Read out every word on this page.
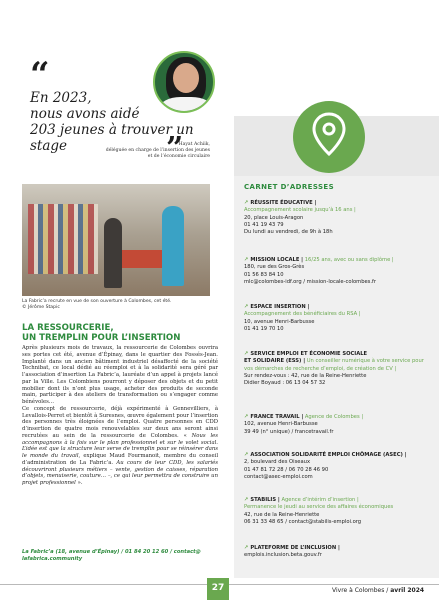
“
En 2023,
nous avons aidé
203 jeunes à trouver un stage	Hayat Achiik,
déléguée en charge de l’insertion des jeunes
et de l’économie circulaire
”
La Fabric’a recrute en vue de son ouverture à Colombes, cet été.
© Jérôme Stapic
LA RESSOURCERIE,
UN TREMPLIN POUR L’INSERTION

Après plusieurs mois de travaux, la ressourcerie de Colombes ouvrira ses portes cet été, avenue d’Épinay, dans le quartier des Fossés-Jean. Implanté dans un ancien bâtiment industriel désaffecté de la société Technibat, ce local dédié au réemploi et à la solidarité sera géré par l’association d’insertion La Fabric’a, lauréate d’un appel à projets lancé par la Ville. Les Colombiens pourront y déposer des objets et du petit mobilier dont ils n’ont plus usage, acheter des produits de seconde main, participer à des ateliers de transformation ou s’engager comme bénévoles…

Ce concept de ressourcerie, déjà expérimenté à Gennevilliers, à Levallois-Perret et bientôt à Suresnes, œuvre également pour l’insertion des personnes très éloignées de l’emploi. Quatre personnes en CDD d’insertion de quatre mois renouvelables sur deux ans seront ainsi recrutées au sein de la ressourcerie de Colombes. « Nous les accompagnons à la fois sur le plan professionnel et sur le volet social. L’idée est que la structure leur serve de tremplin pour se réinsérer dans le monde du travail, explique Maud Fourmanoit, membre du conseil d’administration de La Fabric’a. Au cours de leur CDD, les salariés découvriront plusieurs métiers – vente, gestion de caisses, réparation d’objets, menuiserie, couture… –, ce qui leur permettra de construire un projet professionnel ».

La Fabric’a (18, avenue d’Épinay) / 01 84 20 12 60 / contact@
lafabrica.community
CARNET D’ADRESSES
↗ RÉUSSITE ÉDUCATIVE |
Accompagnement scolaire jusqu’à 16 ans |
20, place Louis-Aragon
01 41 19 43 79
Du lundi au vendredi, de 9h à 18h
↗ MISSION LOCALE | 16/25 ans, avec ou sans diplôme |
180, rue des Gros-Grès
01 56 83 84 10
mlc@colombes-idf.org / mission-locale-colombes.fr
↗ ESPACE INSERTION |
Accompagnement des bénéficiaires du RSA |
10, avenue Henri-Barbusse
01 41 19 70 10
↗ SERVICE EMPLOI ET ÉCONOMIE SOCIALE
ET SOLIDAIRE (ESS) | Un conseiller numérique à votre service pour vos démarches de recherche d’emploi, de création de CV |
Sur rendez-vous : 42, rue de la Reine-Henriette
Didier Boyaud : 06 13 04 57 32
↗ FRANCE TRAVAIL | Agence de Colombes |
102, avenue Henri-Barbusse
39 49 (n° unique) / francetravail.fr
↗ ASSOCIATION SOLIDARITÉ EMPLOI CHÔMAGE (ASEC) |
2, boulevard des Oiseaux
01 47 81 72 28 / 06 70 28 46 90
contact@asec-emploi.com
↗ STABILIS | Agence d’intérim d’insertion |
Permanence le jeudi au service des affaires économiques
42, rue de la Reine-Henriette
06 31 33 48 65 / contact@stabilis-emploi.org
↗ PLATEFORME DE L’INCLUSION |
emplois.inclusion.beta.gouv.fr
27	Vivre à Colombes / avril 2024
